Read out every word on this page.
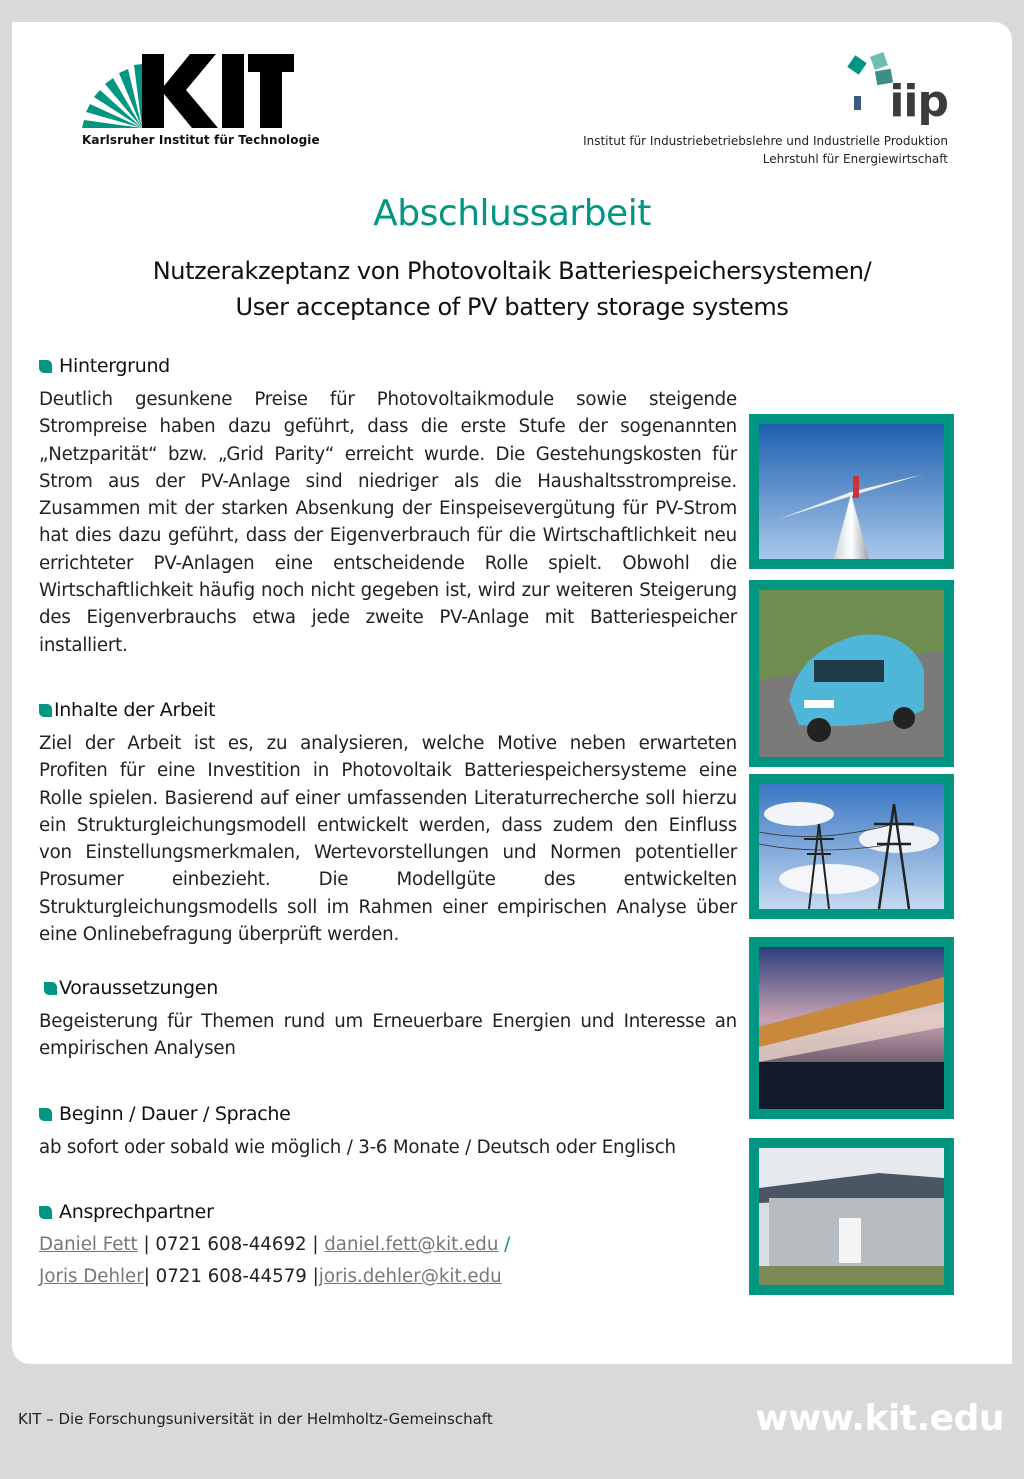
Karlsruher Institut für Technologie
iip
Institut für Industriebetriebslehre und Industrielle Produktion
Lehrstuhl für Energiewirtschaft
Abschlussarbeit
Nutzerakzeptanz von Photovoltaik Batteriespeichersystemen/
User acceptance of PV battery storage systems
Hintergrund
Deutlich gesunkene Preise für Photovoltaikmodule sowie steigende Strompreise haben dazu geführt, dass die erste Stufe der sogenannten „Netzparität“ bzw. „Grid Parity“ erreicht wurde. Die Gestehungskosten für Strom aus der PV-Anlage sind niedriger als die Haushaltsstrompreise. Zusammen mit der starken Absenkung der Einspeisevergütung für PV-Strom hat dies dazu geführt, dass der Eigenverbrauch für die Wirtschaftlichkeit neu errichteter PV-Anlagen eine entscheidende Rolle spielt. Obwohl die Wirtschaftlichkeit häufig noch nicht gegeben ist, wird zur weiteren Steigerung des Eigenverbrauchs etwa jede zweite PV-Anlage mit Batteriespeicher installiert.
Inhalte der Arbeit
Ziel der Arbeit ist es, zu analysieren, welche Motive neben erwarteten Profiten für eine Investition in Photovoltaik Batteriespeichersysteme eine Rolle spielen. Basierend auf einer umfassenden Literaturrecherche soll hierzu ein Strukturgleichungsmodell entwickelt werden, dass zudem den Einfluss von Einstellungsmerkmalen, Wertevorstellungen und Normen potentieller Prosumer einbezieht. Die Modellgüte des entwickelten Strukturgleichungsmodells soll im Rahmen einer empirischen Analyse über eine Onlinebefragung überprüft werden.
Voraussetzungen
Begeisterung für Themen rund um Erneuerbare Energien und Interesse an empirischen Analysen
Beginn / Dauer / Sprache
ab sofort oder sobald wie möglich / 3-6 Monate / Deutsch oder Englisch
Ansprechpartner
Daniel Fett | 0721 608-44692 | daniel.fett@kit.edu /
Joris Dehler| 0721 608-44579 |joris.dehler@kit.edu
KIT – Die Forschungsuniversität in der Helmholtz-Gemeinschaft	www.kit.edu
